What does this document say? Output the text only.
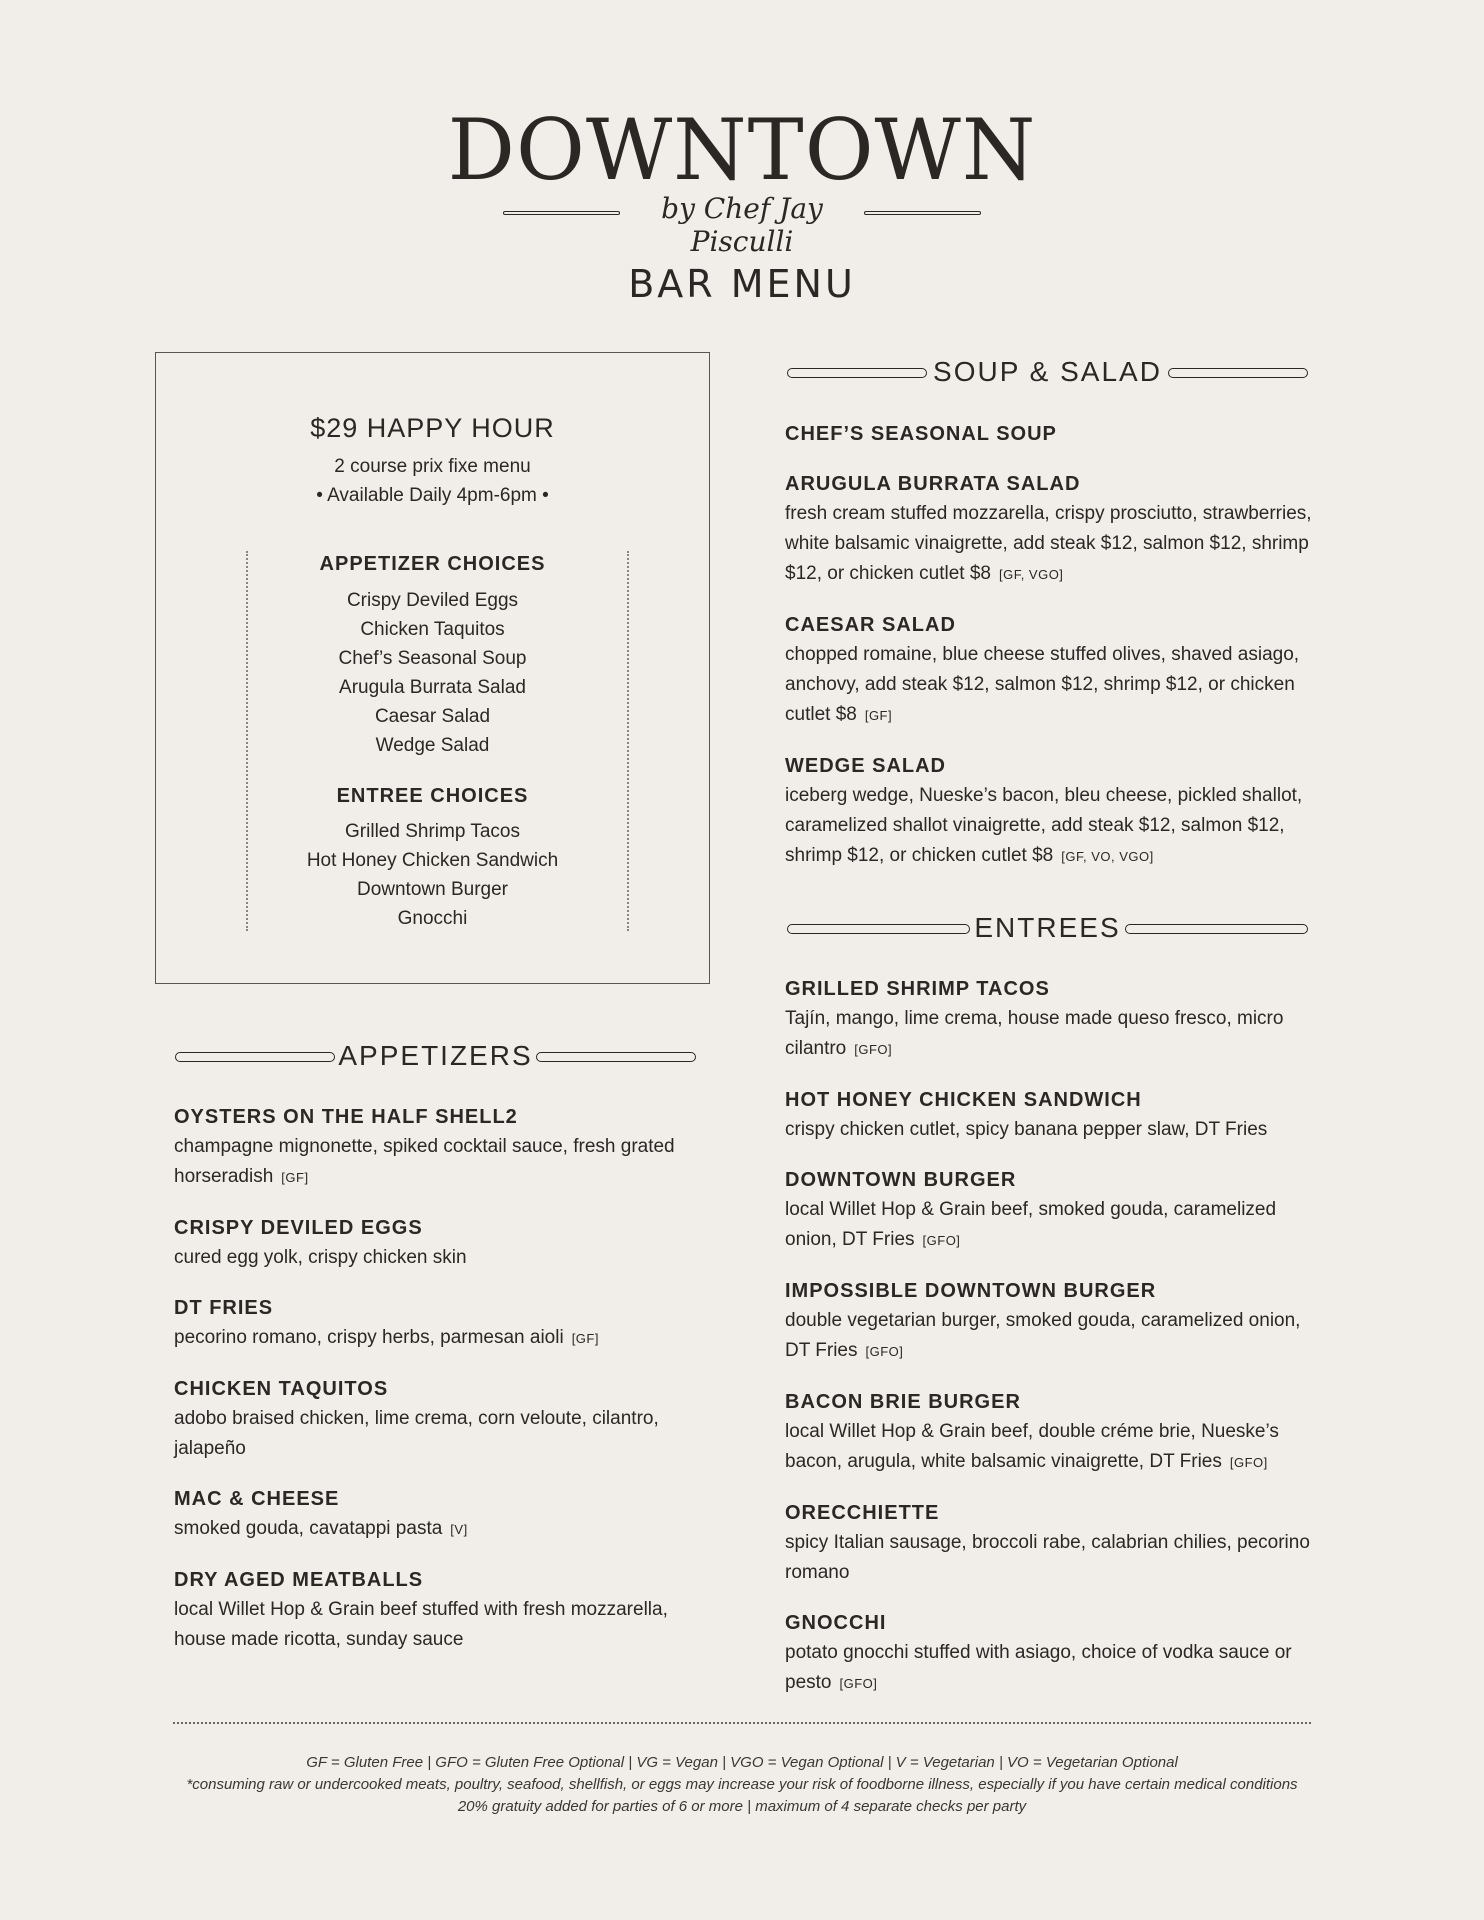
DOWNTOWN
by Chef Jay Pisculli
BAR MENU
$29 HAPPY HOUR
2 course prix fixe menu
• Available Daily 4pm-6pm •
APPETIZER CHOICES
Crispy Deviled Eggs
Chicken Taquitos
Chef’s Seasonal Soup
Arugula Burrata Salad
Caesar Salad
Wedge Salad
ENTREE CHOICES
Grilled Shrimp Tacos
Hot Honey Chicken Sandwich
Downtown Burger
Gnocchi
APPETIZERS
OYSTERS ON THE HALF SHELL2
champagne mignonette, spiked cocktail sauce, fresh grated horseradish [GF]
CRISPY DEVILED EGGS
cured egg yolk, crispy chicken skin
DT FRIES
pecorino romano, crispy herbs, parmesan aioli [GF]
CHICKEN TAQUITOS
adobo braised chicken, lime crema, corn veloute, cilantro, jalapeño
MAC & CHEESE
smoked gouda, cavatappi pasta [V]
DRY AGED MEATBALLS
local Willet Hop & Grain beef stuffed with fresh mozzarella, house made ricotta, sunday sauce
SOUP & SALAD
CHEF’S SEASONAL SOUP
ARUGULA BURRATA SALAD
fresh cream stuffed mozzarella, crispy prosciutto, strawberries, white balsamic vinaigrette, add steak $12, salmon $12, shrimp $12, or chicken cutlet $8 [GF, VGO]
CAESAR SALAD
chopped romaine, blue cheese stuffed olives, shaved asiago, anchovy, add steak $12, salmon $12, shrimp $12, or chicken cutlet $8 [GF]
WEDGE SALAD
iceberg wedge, Nueske’s bacon, bleu cheese, pickled shallot, caramelized shallot vinaigrette, add steak $12, salmon $12, shrimp $12, or chicken cutlet $8 [GF, VO, VGO]
ENTREES
GRILLED SHRIMP TACOS
Tajín, mango, lime crema, house made queso fresco, micro cilantro [GFO]
HOT HONEY CHICKEN SANDWICH
crispy chicken cutlet, spicy banana pepper slaw, DT Fries
DOWNTOWN BURGER
local Willet Hop & Grain beef, smoked gouda, caramelized onion, DT Fries [GFO]
IMPOSSIBLE DOWNTOWN BURGER
double vegetarian burger, smoked gouda, caramelized onion, DT Fries [GFO]
BACON BRIE BURGER
local Willet Hop & Grain beef, double créme brie, Nueske’s bacon, arugula, white balsamic vinaigrette, DT Fries [GFO]
ORECCHIETTE
spicy Italian sausage, broccoli rabe, calabrian chilies, pecorino romano
GNOCCHI
potato gnocchi stuffed with asiago, choice of vodka sauce or pesto [GFO]
GF = Gluten Free | GFO = Gluten Free Optional | VG = Vegan | VGO = Vegan Optional | V = Vegetarian | VO = Vegetarian Optional
*consuming raw or undercooked meats, poultry, seafood, shellfish, or eggs may increase your risk of foodborne illness, especially if you have certain medical conditions
20% gratuity added for parties of 6 or more | maximum of 4 separate checks per party
